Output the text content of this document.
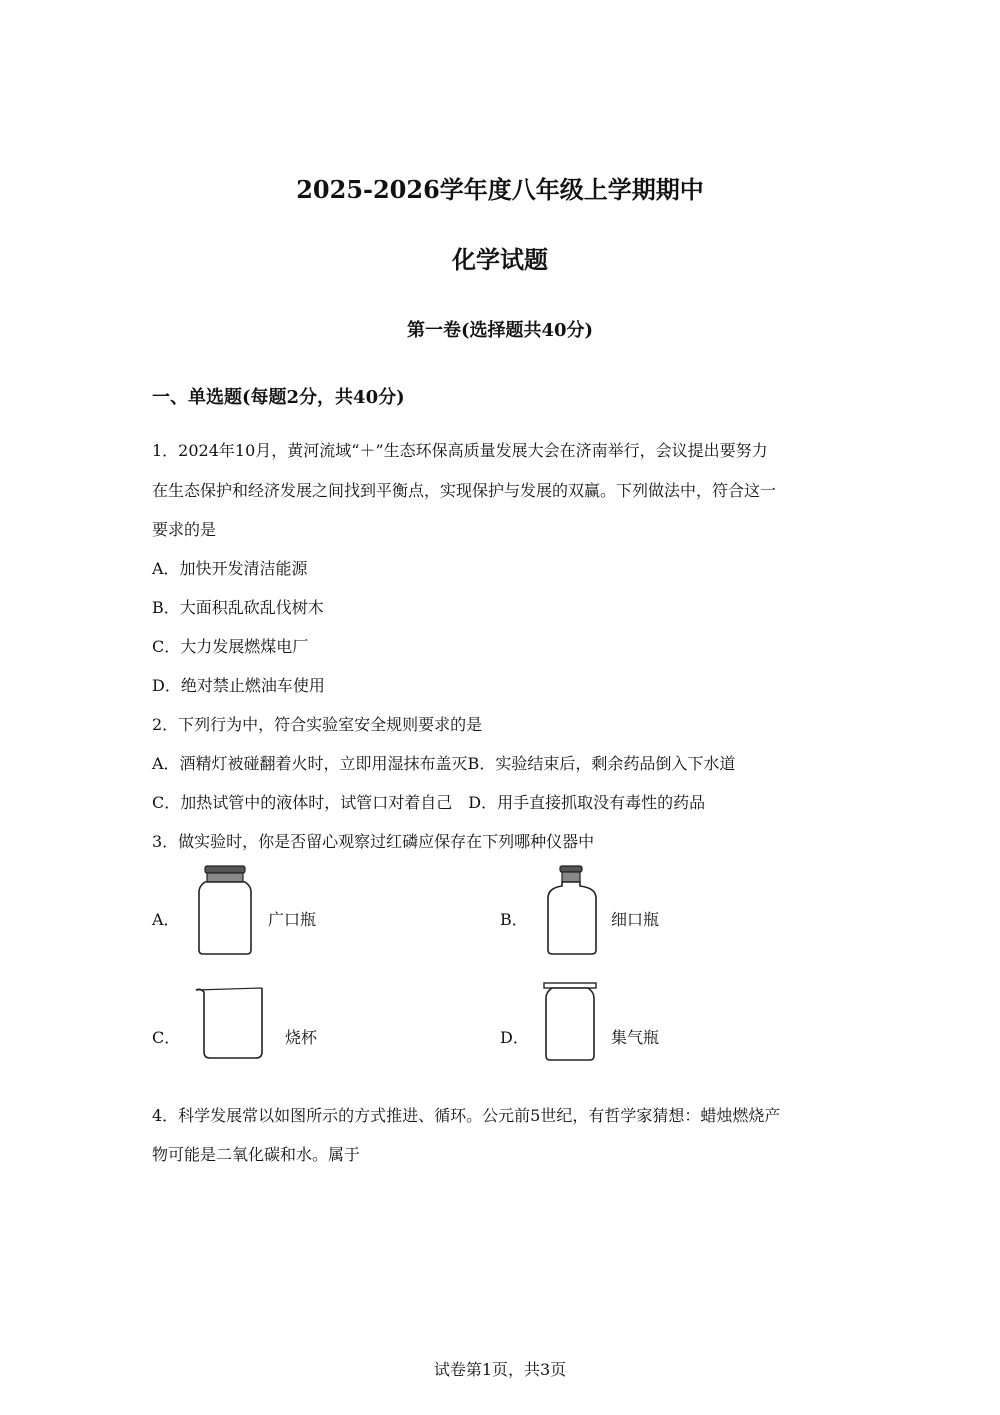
2025-2026学年度八年级上学期期中
化学试题
第一卷(选择题共40分)
一、单选题(每题2分，共40分)
1．2024年10月，黄河流域“＋”生态环保高质量发展大会在济南举行，会议提出要努力
在生态保护和经济发展之间找到平衡点，实现保护与发展的双赢。下列做法中，符合这一
要求的是
A．加快开发清洁能源
B．大面积乱砍乱伐树木
C．大力发展燃煤电厂
D．绝对禁止燃油车使用
2．下列行为中，符合实验室安全规则要求的是
A．酒精灯被碰翻着火时，立即用湿抹布盖灭B．实验结束后，剩余药品倒入下水道
C．加热试管中的液体时，试管口对着自己　D．用手直接抓取没有毒性的药品
3．做实验时，你是否留心观察过红磷应保存在下列哪种仪器中
A．	广口瓶	B．	细口瓶
C．	烧杯	D．	集气瓶
4．科学发展常以如图所示的方式推进、循环。公元前5世纪，有哲学家猜想：蜡烛燃烧产
物可能是二氧化碳和水。属于
试卷第1页，共3页
